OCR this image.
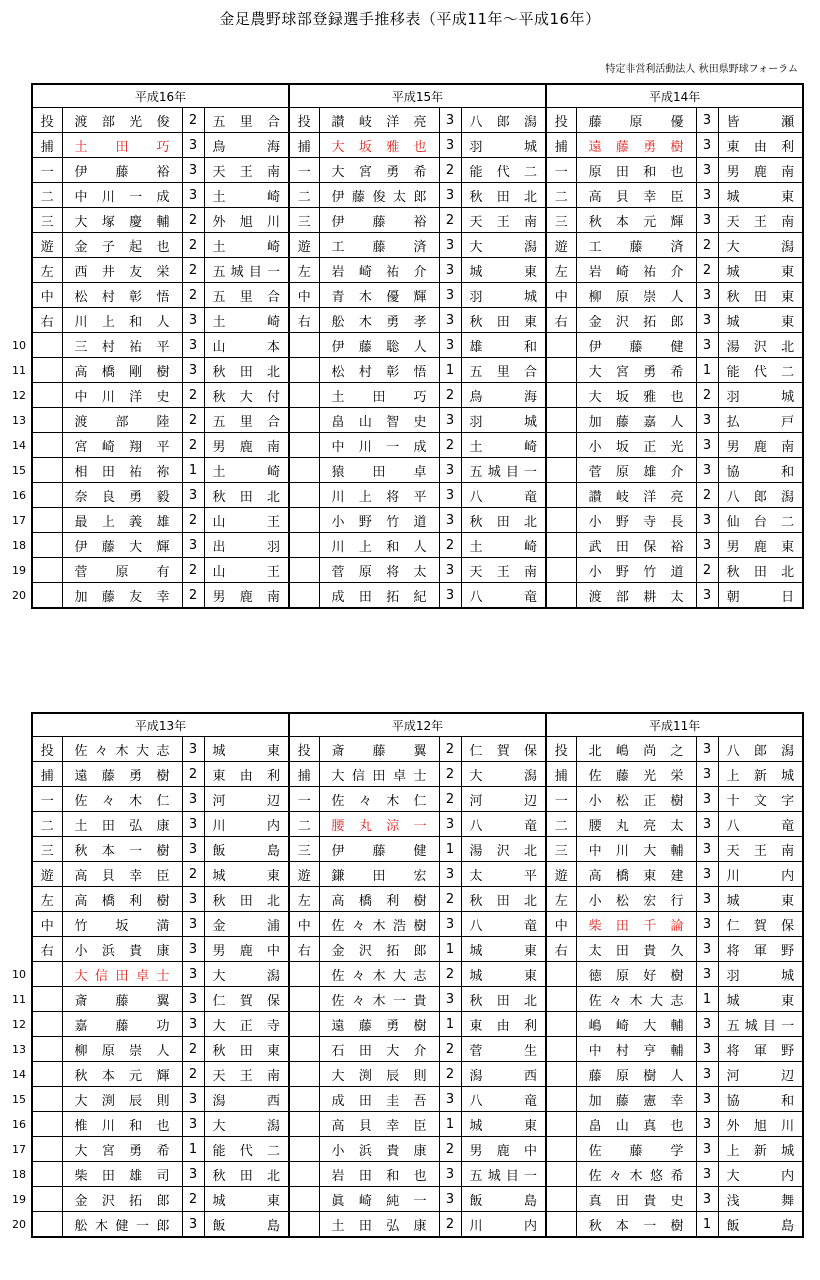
金足農野球部登録選手推移表（平成11年～平成16年）
特定非営利活動法人 秋田県野球フォーラム
10
11
12
13
14
15
16
17
18
19
20
10
11
12
13
14
15
16
17
18
19
20
平成16年				平成15年				平成14年			
投	渡部光俊	2	五里合	投	讃岐洋亮	3	八郎潟	投	藤原優	3	皆瀬
捕	土田巧	3	鳥海	捕	大坂雅也	3	羽城	捕	遠藤勇樹	3	東由利
一	伊藤裕	3	天王南	一	大宮勇希	2	能代二	一	原田和也	3	男鹿南
二	中川一成	3	土崎	二	伊藤俊太郎	3	秋田北	二	高貝幸臣	3	城東
三	大塚慶輔	2	外旭川	三	伊藤裕	2	天王南	三	秋本元輝	3	天王南
遊	金子起也	2	土崎	遊	工藤済	3	大潟	遊	工藤済	2	大潟
左	西井友栄	2	五城目一	左	岩崎祐介	3	城東	左	岩崎祐介	2	城東
中	松村彰悟	2	五里合	中	青木優輝	3	羽城	中	柳原崇人	3	秋田東
右	川上和人	3	土崎	右	舩木勇孝	3	秋田東	右	金沢拓郎	3	城東
	三村祐平	3	山本		伊藤聡人	3	雄和		伊藤健	3	湯沢北
	高橋剛樹	3	秋田北		松村彰悟	1	五里合		大宮勇希	1	能代二
	中川洋史	2	秋大付		土田巧	2	鳥海		大坂雅也	2	羽城
	渡部陸	2	五里合		畠山智史	3	羽城		加藤嘉人	3	払戸
	宮崎翔平	2	男鹿南		中川一成	2	土崎		小坂正光	3	男鹿南
	相田祐祢	1	土崎		猿田卓	3	五城目一		菅原雄介	3	協和
	奈良勇毅	3	秋田北		川上将平	3	八竜		讃岐洋亮	2	八郎潟
	最上義雄	2	山王		小野竹道	3	秋田北		小野寺長	3	仙台二
	伊藤大輝	3	出羽		川上和人	2	土崎		武田保裕	3	男鹿東
	菅原有	2	山王		菅原将太	3	天王南		小野竹道	2	秋田北
	加藤友幸	2	男鹿南		成田拓紀	3	八竜		渡部耕太	3	朝日
平成13年				平成12年				平成11年			
投	佐々木大志	3	城東	投	斎藤翼	2	仁賀保	投	北嶋尚之	3	八郎潟
捕	遠藤勇樹	2	東由利	捕	大信田卓士	2	大潟	捕	佐藤光栄	3	上新城
一	佐々木仁	3	河辺	一	佐々木仁	2	河辺	一	小松正樹	3	十文字
二	土田弘康	3	川内	二	腰丸涼一	3	八竜	二	腰丸亮太	3	八竜
三	秋本一樹	3	飯島	三	伊藤健	1	湯沢北	三	中川大輔	3	天王南
遊	高貝幸臣	2	城東	遊	鎌田宏	3	太平	遊	高橋東建	3	川内
左	高橋利樹	3	秋田北	左	高橋利樹	2	秋田北	左	小松宏行	3	城東
中	竹坂満	3	金浦	中	佐々木浩樹	3	八竜	中	柴田千論	3	仁賀保
右	小浜貴康	3	男鹿中	右	金沢拓郎	1	城東	右	太田貴久	3	将軍野
	大信田卓士	3	大潟		佐々木大志	2	城東		徳原好樹	3	羽城
	斎藤翼	3	仁賀保		佐々木一貴	3	秋田北		佐々木大志	1	城東
	嘉藤功	3	大正寺		遠藤勇樹	1	東由利		嶋崎大輔	3	五城目一
	柳原崇人	2	秋田東		石田大介	2	菅生		中村亨輔	3	将軍野
	秋本元輝	2	天王南		大渕辰則	2	潟西		藤原樹人	3	河辺
	大渕辰則	3	潟西		成田圭吾	3	八竜		加藤憲幸	3	協和
	椎川和也	3	大潟		高貝幸臣	1	城東		畠山真也	3	外旭川
	大宮勇希	1	能代二		小浜貴康	2	男鹿中		佐藤学	3	上新城
	柴田雄司	3	秋田北		岩田和也	3	五城目一		佐々木悠希	3	大内
	金沢拓郎	2	城東		眞崎純一	3	飯島		真田貴史	3	浅舞
	舩木健一郎	3	飯島		土田弘康	2	川内		秋本一樹	1	飯島
